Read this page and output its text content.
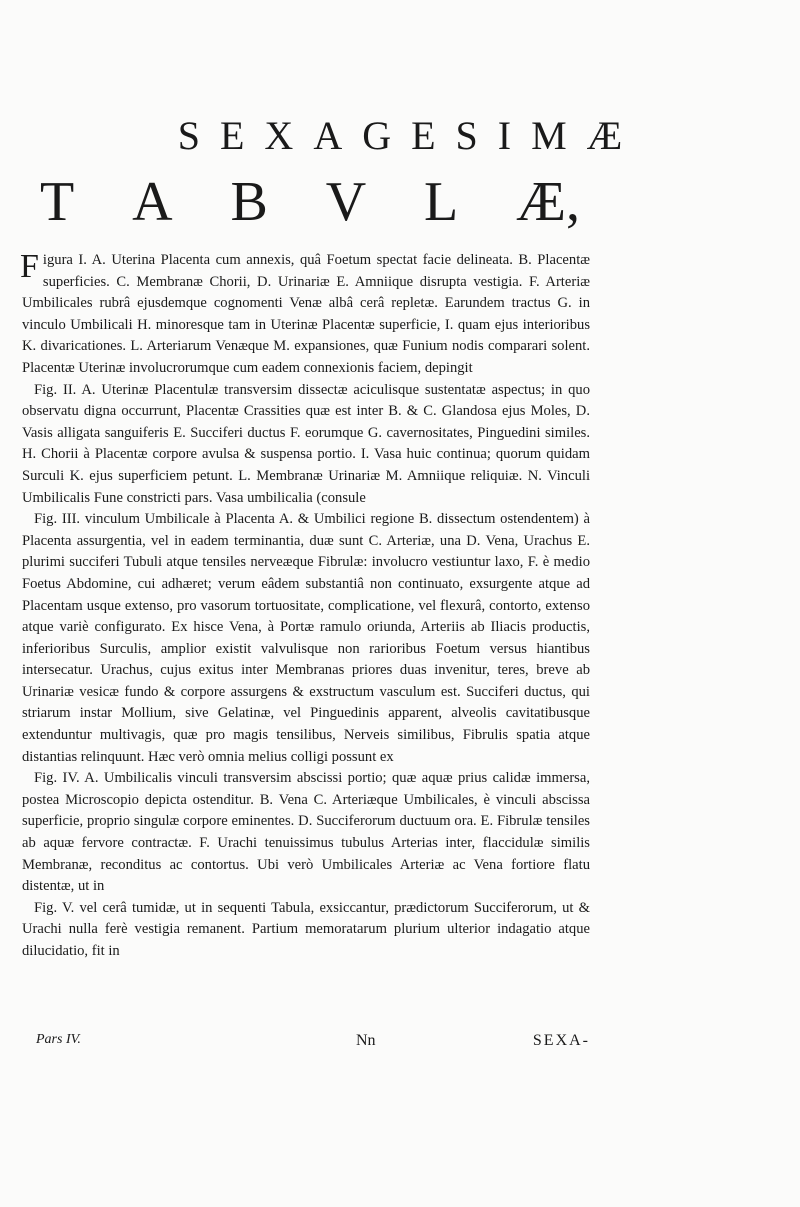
SEXAGESIMÆ
T A B V L Æ,

Figura I. A. Uterina Placenta cum annexis, quâ Foetum spectat facie delineata. B. Placentæ superficies. C. Membranæ Chorii, D. Urinariæ E. Amniique disrupta vestigia. F. Arteriæ Umbilicales rubrâ ejusdemque cognomenti Venæ albâ cerâ repletæ. Earundem tractus G. in vinculo Umbilicali H. minoresque tam in Uterinæ Placentæ superficie, I. quam ejus interioribus K. divaricationes. L. Arteriarum Venæque M. expansiones, quæ Funium nodis comparari solent. Placentæ Uterinæ involucrorumque cum eadem connexionis faciem, depingit

Fig. II. A. Uterinæ Placentulæ transversim dissectæ aciculisque sustentatæ aspectus; in quo observatu digna occurrunt, Placentæ Crassities quæ est inter B. & C. Glandosa ejus Moles, D. Vasis alligata sanguiferis E. Succiferi ductus F. eorumque G. cavernositates, Pinguedini similes. H. Chorii à Placentæ corpore avulsa & suspensa portio. I. Vasa huic continua; quorum quidam Surculi K. ejus superficiem petunt. L. Membranæ Urinariæ M. Amniique reliquiæ. N. Vinculi Umbilicalis Fune constricti pars. Vasa umbilicalia (consule

Fig. III. vinculum Umbilicale à Placenta A. & Umbilici regione B. dissectum ostendentem) à Placenta assurgentia, vel in eadem terminantia, duæ sunt C. Arteriæ, una D. Vena, Urachus E. plurimi succiferi Tubuli atque tensiles nerveæque Fibrulæ: involucro vestiuntur laxo, F. è medio Foetus Abdomine, cui adhæret; verum eâdem substantiâ non continuato, exsurgente atque ad Placentam usque extenso, pro vasorum tortuositate, complicatione, vel flexurâ, contorto, extenso atque variè configurato. Ex hisce Vena, à Portæ ramulo oriunda, Arteriis ab Iliacis productis, inferioribus Surculis, amplior existit valvulisque non rarioribus Foetum versus hiantibus intersecatur. Urachus, cujus exitus inter Membranas priores duas invenitur, teres, breve ab Urinariæ vesicæ fundo & corpore assurgens & exstructum vasculum est. Succiferi ductus, qui striarum instar Mollium, sive Gelatinæ, vel Pinguedinis apparent, alveolis cavitatibusque extenduntur multivagis, quæ pro magis tensilibus, Nerveis similibus, Fibrulis spatia atque distantias relinquunt. Hæc verò omnia melius colligi possunt ex

Fig. IV. A. Umbilicalis vinculi transversim abscissi portio; quæ aquæ prius calidæ immersa, postea Microscopio depicta ostenditur. B. Vena C. Arteriæque Umbilicales, è vinculi abscissa superficie, proprio singulæ corpore eminentes. D. Succiferorum ductuum ora. E. Fibrulæ tensiles ab aquæ fervore contractæ. F. Urachi tenuissimus tubulus Arterias inter, flaccidulæ similis Membranæ, reconditus ac contortus. Ubi verò Umbilicales Arteriæ ac Vena fortiore flatu distentæ, ut in

Fig. V. vel cerâ tumidæ, ut in sequenti Tabula, exsiccantur, prædictorum Succiferorum, ut & Urachi nulla ferè vestigia remanent. Partium memoratarum plurium ulterior indagatio atque dilucidatio, fit in

Pars IV.	Nn	SEXA-
